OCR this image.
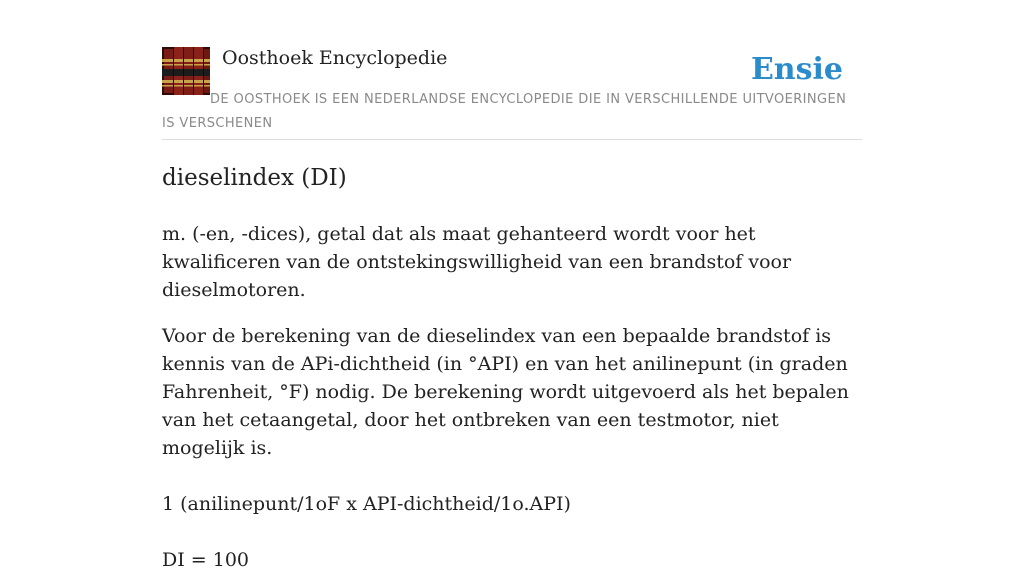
Oosthoek Encyclopedie	Ensie

DE OOSTHOEK IS EEN NEDERLANDSE ENCYCLOPEDIE DIE IN VERSCHILLENDE UITVOERINGEN IS VERSCHENEN

dieselindex (DI)

m. (-en, -dices), getal dat als maat gehanteerd wordt voor het kwalificeren van de ontstekingswilligheid van een brandstof voor dieselmotoren.

Voor de berekening van de dieselindex van een bepaalde brandstof is kennis van de APi-dichtheid (in °API) en van het anilinepunt (in graden Fahrenheit, °F) nodig. De berekening wordt uitgevoerd als het bepalen van het cetaangetal, door het ontbreken van een testmotor, niet mogelijk is.

1 (anilinepunt/1oF x API-dichtheid/1o.API)

DI = 100
